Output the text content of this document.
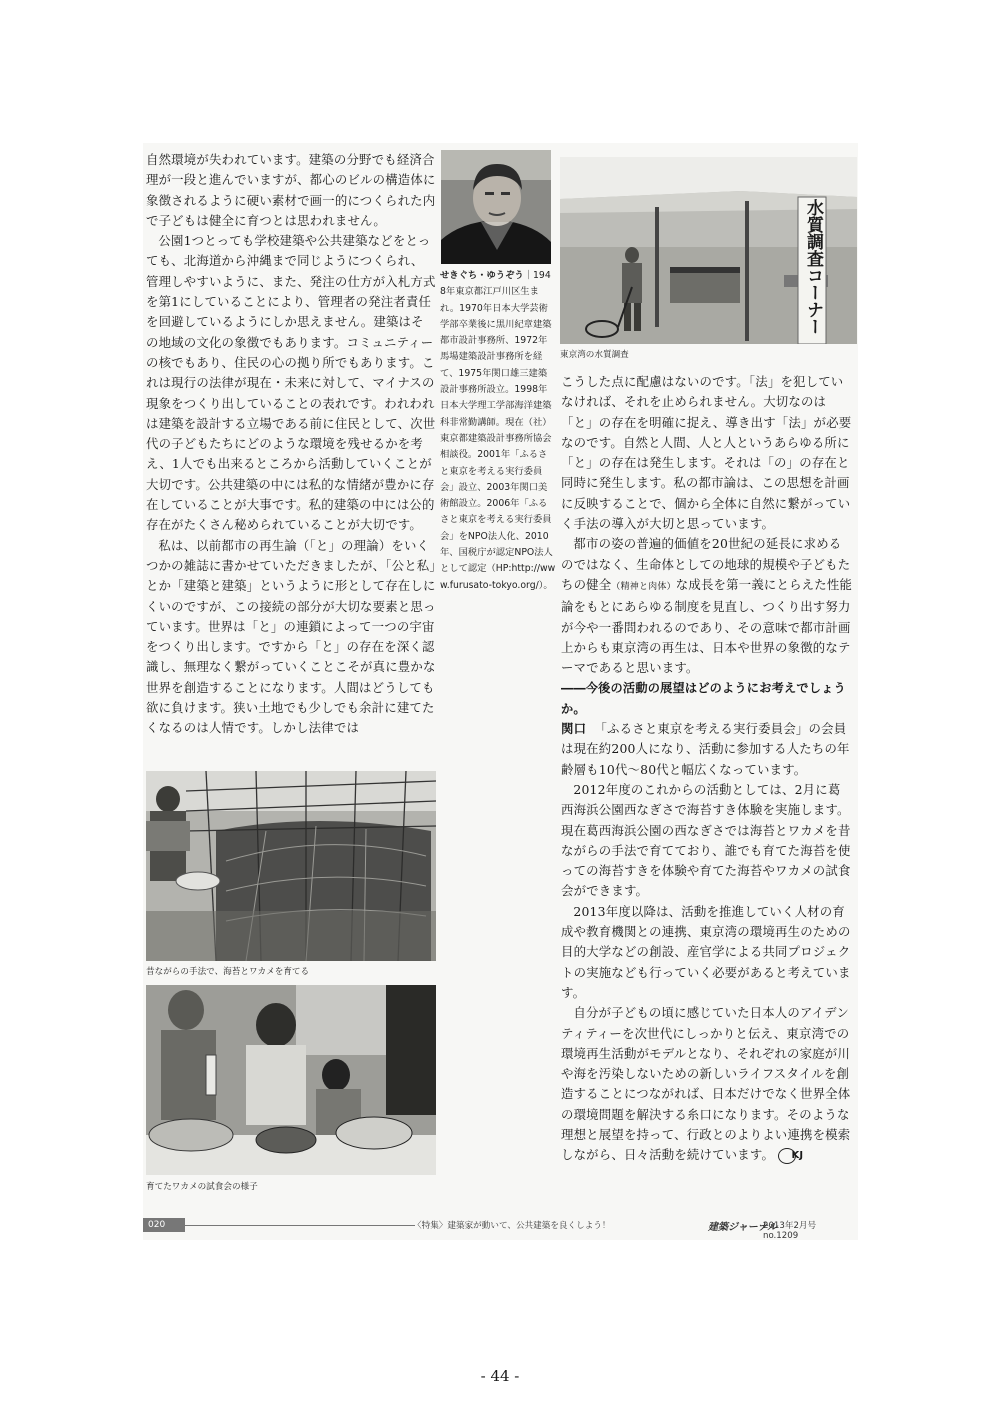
自然環境が失われています。建築の分野でも経済合理が一段と進んでいますが、都心のビルの構造体に象徴されるように硬い素材で画一的につくられた内で子どもは健全に育つとは思われません。

公園1つとっても学校建築や公共建築などをとっても、北海道から沖縄まで同じようにつくられ、管理しやすいように、また、発注の仕方が入札方式を第1にしていることにより、管理者の発注者責任を回避しているようにしか思えません。建築はその地域の文化の象徴でもあります。コミュニティーの核でもあり、住民の心の拠り所でもあります。これは現行の法律が現在・未来に対して、マイナスの現象をつくり出していることの表れです。われわれは建築を設計する立場である前に住民として、次世代の子どもたちにどのような環境を残せるかを考え、1人でも出来るところから活動していくことが大切です。公共建築の中には私的な情緒が豊かに存在していることが大事です。私的建築の中には公的存在がたくさん秘められていることが大切です。

私は、以前都市の再生論（「と」の理論）をいくつかの雑誌に書かせていただきましたが、「公と私」とか「建築と建築」というように形として存在しにくいのですが、この接続の部分が大切な要素と思っています。世界は「と」の連鎖によって一つの宇宙をつくり出します。ですから「と」の存在を深く認識し、無理なく繋がっていくことこそが真に豊かな世界を創造することになります。人間はどうしても欲に負けます。狭い土地でも少しでも余計に建てたくなるのは人情です。しかし法律では

せきぐち・ゆうぞう｜1948年東京都江戸川区生まれ。1970年日本大学芸術学部卒業後に黒川紀章建築都市設計事務所、1972年馬場建築設計事務所を経て、1975年関口雄三建築設計事務所設立。1998年日本大学理工学部海洋建築科非常勤講師。現在（社）東京都建築設計事務所協会相談役。2001年「ふるさと東京を考える実行委員会」設立、2003年関口美術館設立。2006年「ふるさと東京を考える実行委員会」をNPO法人化、2010年、国税庁が認定NPO法人として認定（HP:http://www.furusato-tokyo.org/）。
水質調査コーナー
東京湾の水質調査

こうした点に配慮はないのです。「法」を犯していなければ、それを止められません。大切なのは「と」の存在を明確に捉え、導き出す「法」が必要なのです。自然と人間、人と人というあらゆる所に「と」の存在は発生します。それは「の」の存在と同時に発生します。私の都市論は、この思想を計画に反映することで、個から全体に自然に繋がっていく手法の導入が大切と思っています。

都市の姿の普遍的価値を20世紀の延長に求めるのではなく、生命体としての地球的規模や子どもたちの健全（精神と肉体）な成長を第一義にとらえた性能論をもとにあらゆる制度を見直し、つくり出す努力が今や一番問われるのであり、その意味で都市計画上からも東京湾の再生は、日本や世界の象徴的なテーマであると思います。

――今後の活動の展望はどのようにお考えでしょうか。

関口 「ふるさと東京を考える実行委員会」の会員は現在約200人になり、活動に参加する人たちの年齢層も10代～80代と幅広くなっています。

2012年度のこれからの活動としては、2月に葛西海浜公園西なぎさで海苔すき体験を実施します。現在葛西海浜公園の西なぎさでは海苔とワカメを昔ながらの手法で育てており、誰でも育てた海苔を使っての海苔すきを体験や育てた海苔やワカメの試食会ができます。

2013年度以降は、活動を推進していく人材の育成や教育機関との連携、東京湾の環境再生のための目的大学などの創設、産官学による共同プロジェクトの実施なども行っていく必要があると考えています。

自分が子どもの頃に感じていた日本人のアイデンティティーを次世代にしっかりと伝え、東京湾での環境再生活動がモデルとなり、それぞれの家庭が川や海を汚染しないための新しいライフスタイルを創造することにつながれば、日本だけでなく世界全体の環境問題を解決する糸口になります。そのような理想と展望を持って、行政とのよりよい連携を模索しながら、日々活動を続けています。 KJ

昔ながらの手法で、海苔とワカメを育てる
育てたワカメの試食会の様子
020	〈特集〉建築家が動いて、公共建築を良くしよう！	建築ジャーナル
2013年2月号　no.1209
- 44 -
